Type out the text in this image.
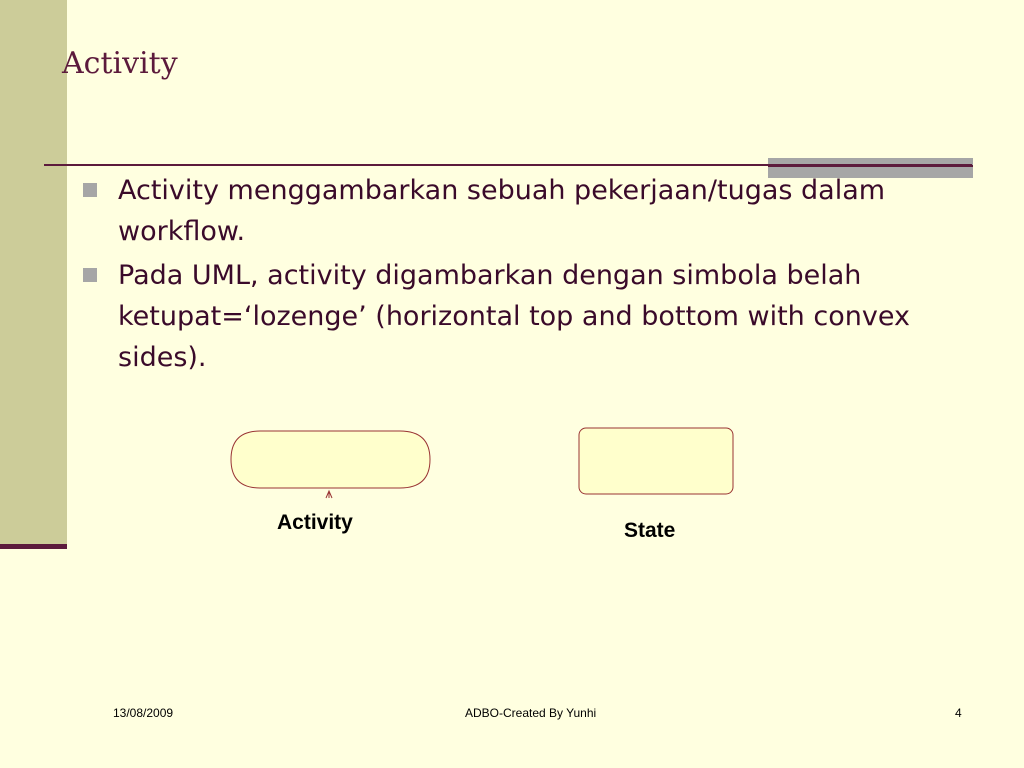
Activity
Activity menggambarkan sebuah pekerjaan/tugas dalam workflow.
Pada UML, activity digambarkan dengan simbola belah ketupat=‘lozenge’ (horizontal top and bottom with convex sides).
Activity	State
13/08/2009	ADBO-Created By Yunhi	4
